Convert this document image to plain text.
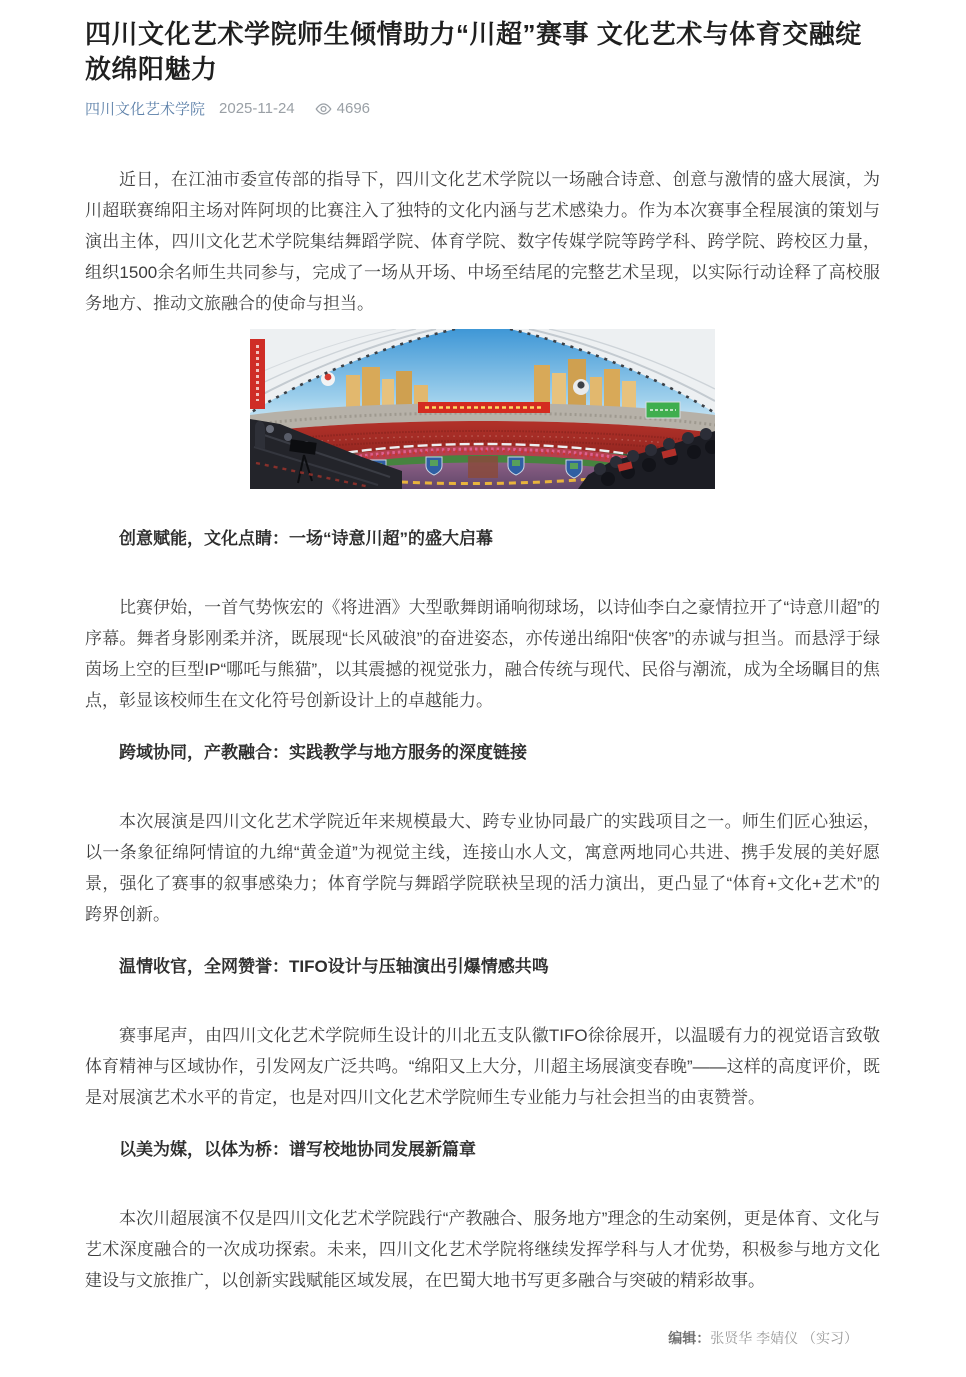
四川文化艺术学院师生倾情助力“川超”赛事 文化艺术与体育交融绽放绵阳魅力
四川文化艺术学院 2025-11-24	4696

近日，在江油市委宣传部的指导下，四川文化艺术学院以一场融合诗意、创意与激情的盛大展演，为川超联赛绵阳主场对阵阿坝的比赛注入了独特的文化内涵与艺术感染力。作为本次赛事全程展演的策划与演出主体，四川文化艺术学院集结舞蹈学院、体育学院、数字传媒学院等跨学科、跨学院、跨校区力量，组织1500余名师生共同参与，完成了一场从开场、中场至结尾的完整艺术呈现，以实际行动诠释了高校服务地方、推动文旅融合的使命与担当。

创意赋能，文化点睛：一场“诗意川超”的盛大启幕

比赛伊始，一首气势恢宏的《将进酒》大型歌舞朗诵响彻球场，以诗仙李白之豪情拉开了“诗意川超”的序幕。舞者身影刚柔并济，既展现“长风破浪”的奋进姿态，亦传递出绵阳“侠客”的赤诚与担当。而悬浮于绿茵场上空的巨型IP“哪吒与熊猫”，以其震撼的视觉张力，融合传统与现代、民俗与潮流，成为全场瞩目的焦点，彰显该校师生在文化符号创新设计上的卓越能力。

跨域协同，产教融合：实践教学与地方服务的深度链接

本次展演是四川文化艺术学院近年来规模最大、跨专业协同最广的实践项目之一。师生们匠心独运，以一条象征绵阿情谊的九绵“黄金道”为视觉主线，连接山水人文，寓意两地同心共进、携手发展的美好愿景，强化了赛事的叙事感染力；体育学院与舞蹈学院联袂呈现的活力演出，更凸显了“体育+文化+艺术”的跨界创新。

温情收官，全网赞誉：TIFO设计与压轴演出引爆情感共鸣

赛事尾声，由四川文化艺术学院师生设计的川北五支队徽TIFO徐徐展开，以温暖有力的视觉语言致敬体育精神与区域协作，引发网友广泛共鸣。“绵阳又上大分，川超主场展演变春晚”——这样的高度评价，既是对展演艺术水平的肯定，也是对四川文化艺术学院师生专业能力与社会担当的由衷赞誉。

以美为媒，以体为桥：谱写校地协同发展新篇章

本次川超展演不仅是四川文化艺术学院践行“产教融合、服务地方”理念的生动案例，更是体育、文化与艺术深度融合的一次成功探索。未来，四川文化艺术学院将继续发挥学科与人才优势，积极参与地方文化建设与文旅推广，以创新实践赋能区域发展，在巴蜀大地书写更多融合与突破的精彩故事。

编辑：张贤华 李婧仪 （实习）
